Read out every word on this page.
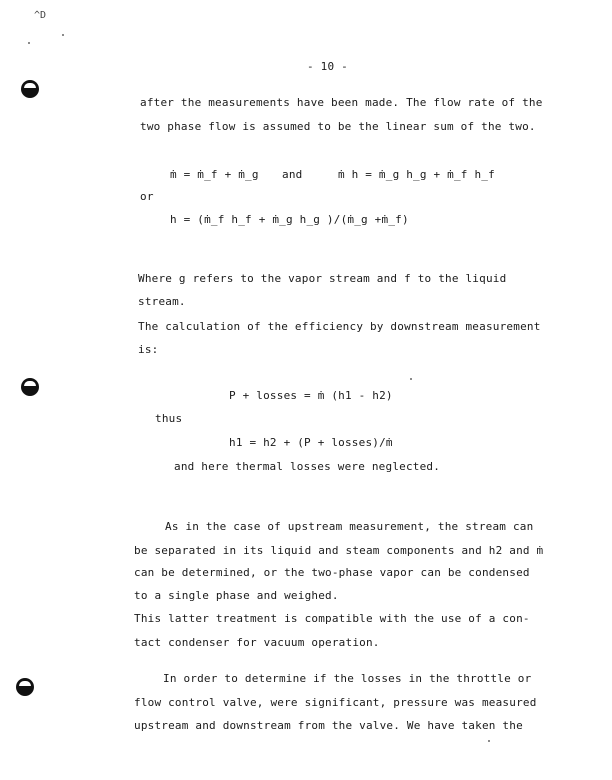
^D
- 10 -
after the measurements have been made. The flow rate of the
two phase flow is assumed to be the linear sum of the two.
ṁ = ṁ_f + ṁ_g and	ṁ h = ṁ_g h_g + ṁ_f h_f
or
h = (ṁ_f h_f + ṁ_g h_g )/(ṁ_g +ṁ_f)
Where g refers to the vapor stream and f to the liquid
stream.
The calculation of the efficiency by downstream measurement
is:
P + losses = ṁ (h1 - h2)
thus
h1 = h2 + (P + losses)/ṁ
and here thermal losses were neglected.
As in the case of upstream measurement, the stream can
be separated in its liquid and steam components and h2 and ṁ
can be determined, or the two-phase vapor can be condensed
to a single phase and weighed.
This latter treatment is compatible with the use of a con-
tact condenser for vacuum operation.
In order to determine if the losses in the throttle or
flow control valve, were significant, pressure was measured
upstream and downstream from the valve. We have taken the
